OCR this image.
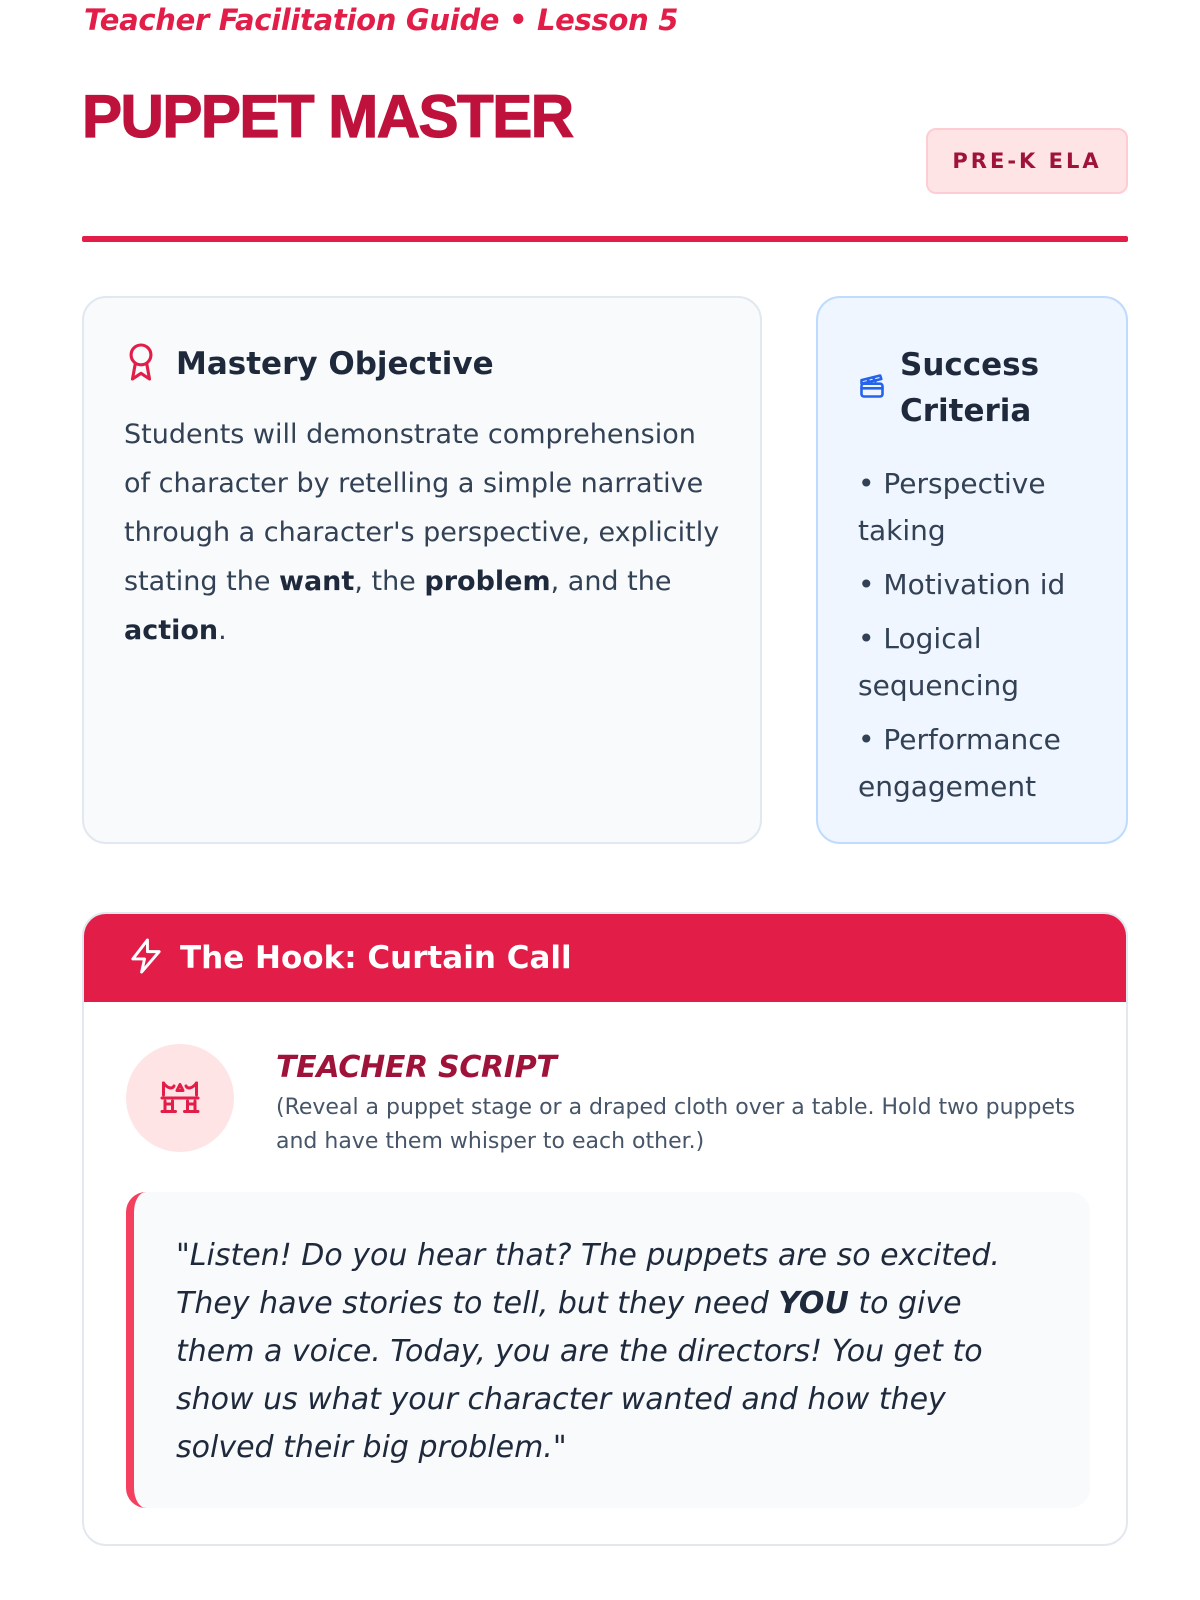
PUPPET MASTER
Teacher Facilitation Guide • Lesson 5
PRE-K ELA
Mastery Objective

Students will demonstrate comprehension of character by retelling a simple narrative through a character's perspective, explicitly stating the want, the problem, and the action.

Success Criteria
• Perspective taking
• Motivation id
• Logical sequencing
• Performance engagement
The Hook: Curtain Call
TEACHER SCRIPT
(Reveal a puppet stage or a draped cloth over a table. Hold two puppets and have them whisper to each other.)
"Listen! Do you hear that? The puppets are so excited. They have stories to tell, but they need YOU to give them a voice. Today, you are the directors! You get to show us what your character wanted and how they solved their big problem."
